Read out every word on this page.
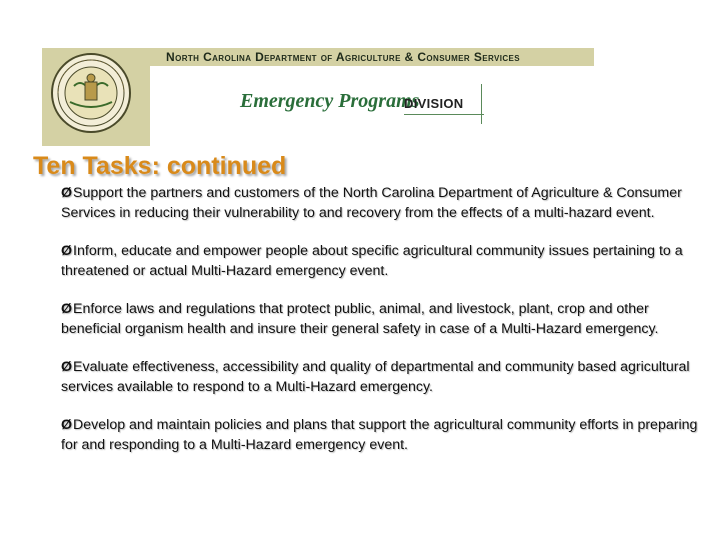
North Carolina Department of Agriculture & Consumer Services
Emergency Programs
DIVISION
Ten Tasks: continued
ØSupport the partners and customers of the North Carolina Department of Agriculture & Consumer Services in reducing their vulnerability to and recovery from the effects of a multi-hazard event.
ØInform, educate and empower people about specific agricultural community issues pertaining to a threatened or actual Multi-Hazard emergency event.
ØEnforce laws and regulations that protect public, animal, and livestock, plant, crop and other beneficial organism health and insure their general safety in case of a Multi-Hazard emergency.
ØEvaluate effectiveness, accessibility and quality of departmental and community based agricultural services available to respond to a Multi-Hazard emergency.
ØDevelop and maintain policies and plans that support the agricultural community efforts in preparing for and responding to a Multi-Hazard emergency event.
